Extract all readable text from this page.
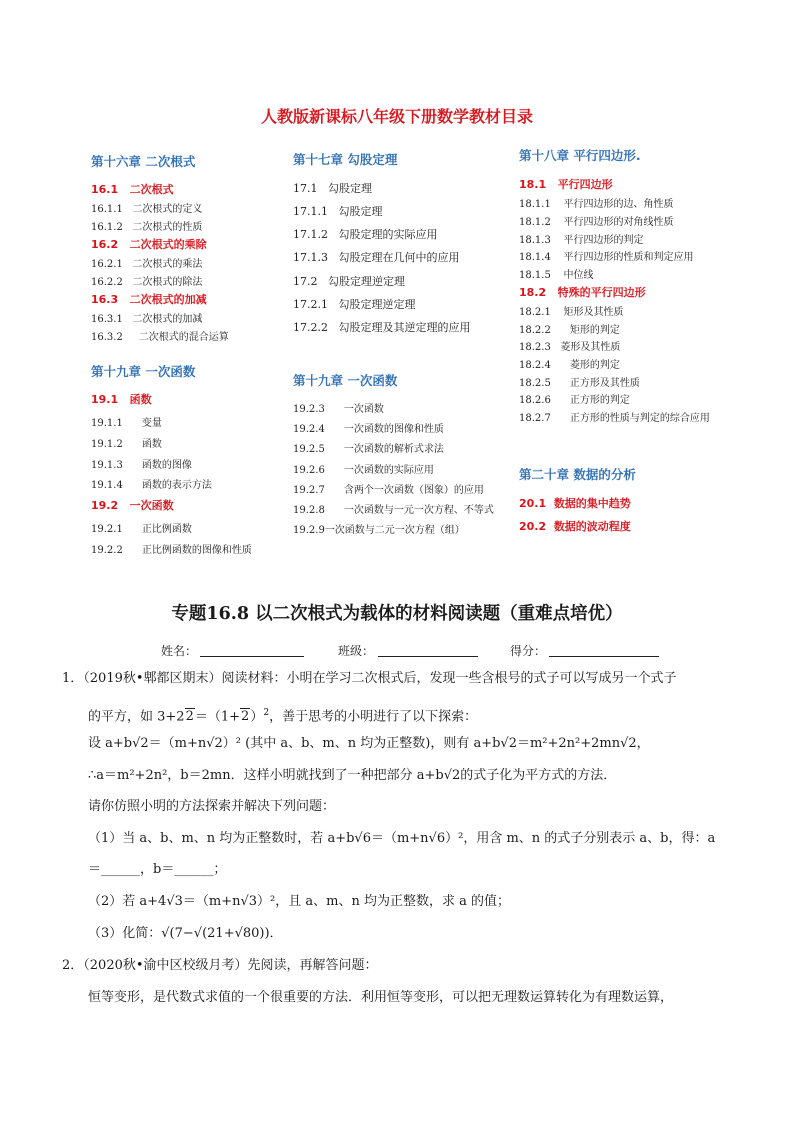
人教版新课标八年级下册数学教材目录
第十六章 二次根式
16.1 二次根式
16.1.1 二次根式的定义
16.1.2 二次根式的性质
16.2 二次根式的乘除
16.2.1 二次根式的乘法
16.2.2 二次根式的除法
16.3 二次根式的加减
16.3.1 二次根式的加减
16.3.2 二次根式的混合运算
第十九章 一次函数
19.1 函数
19.1.1 变量
19.1.2 函数
19.1.3 函数的图像
19.1.4 函数的表示方法
19.2 一次函数
19.2.1 正比例函数
19.2.2 正比例函数的图像和性质
第十七章 勾股定理
17.1 勾股定理
17.1.1 勾股定理
17.1.2 勾股定理的实际应用
17.1.3 勾股定理在几何中的应用
17.2 勾股定理逆定理
17.2.1 勾股定理逆定理
17.2.2 勾股定理及其逆定理的应用
第十九章 一次函数
19.2.3 一次函数
19.2.4 一次函数的图像和性质
19.2.5 一次函数的解析式求法
19.2.6 一次函数的实际应用
19.2.7 含两个一次函数（图象）的应用
19.2.8 一次函数与一元一次方程、不等式
19.2.9一次函数与二元一次方程（组）
第十八章 平行四边形.
18.1 平行四边形
18.1.1 平行四边形的边、角性质
18.1.2 平行四边形的对角线性质
18.1.3 平行四边形的判定
18.1.4 平行四边形的性质和判定应用
18.1.5 中位线
18.2 特殊的平行四边形
18.2.1 矩形及其性质
18.2.2 矩形的判定
18.2.3 菱形及其性质
18.2.4 菱形的判定
18.2.5 正方形及其性质
18.2.6 正方形的判定
18.2.7 正方形的性质与判定的综合应用
第二十章 数据的分析
20.1 数据的集中趋势
20.2 数据的波动程度
专题16.8 以二次根式为载体的材料阅读题（重难点培优）
姓名：	班级：	得分：
1．（2019秋•郫都区期末）阅读材料：小明在学习二次根式后，发现一些含根号的式子可以写成另一个式子
的平方，如 $3+22=(1+2)^2$，善于思考的小明进行了以下探索：
设 a+b√2＝（m+n√2）² (其中 a、b、m、n 均为正整数)，则有 a+b√2＝m²+2n²+2mn√2，
∴a＝m²+2n²，b＝2mn．这样小明就找到了一种把部分 a+b√2的式子化为平方式的方法．
请你仿照小明的方法探索并解决下列问题：
（1）当 a、b、m、n 均为正整数时，若 a+b√6＝（m+n√6）²，用含 m、n 的式子分别表示 a、b，得：a
＝______，b＝______；
（2）若 a+4√3＝（m+n√3）²，且 a、m、n 均为正整数，求 a 的值；
（3）化简：√(7−√(21+√80))．
2．（2020秋•渝中区校级月考）先阅读，再解答问题：
恒等变形，是代数式求值的一个很重要的方法．利用恒等变形，可以把无理数运算转化为有理数运算，
